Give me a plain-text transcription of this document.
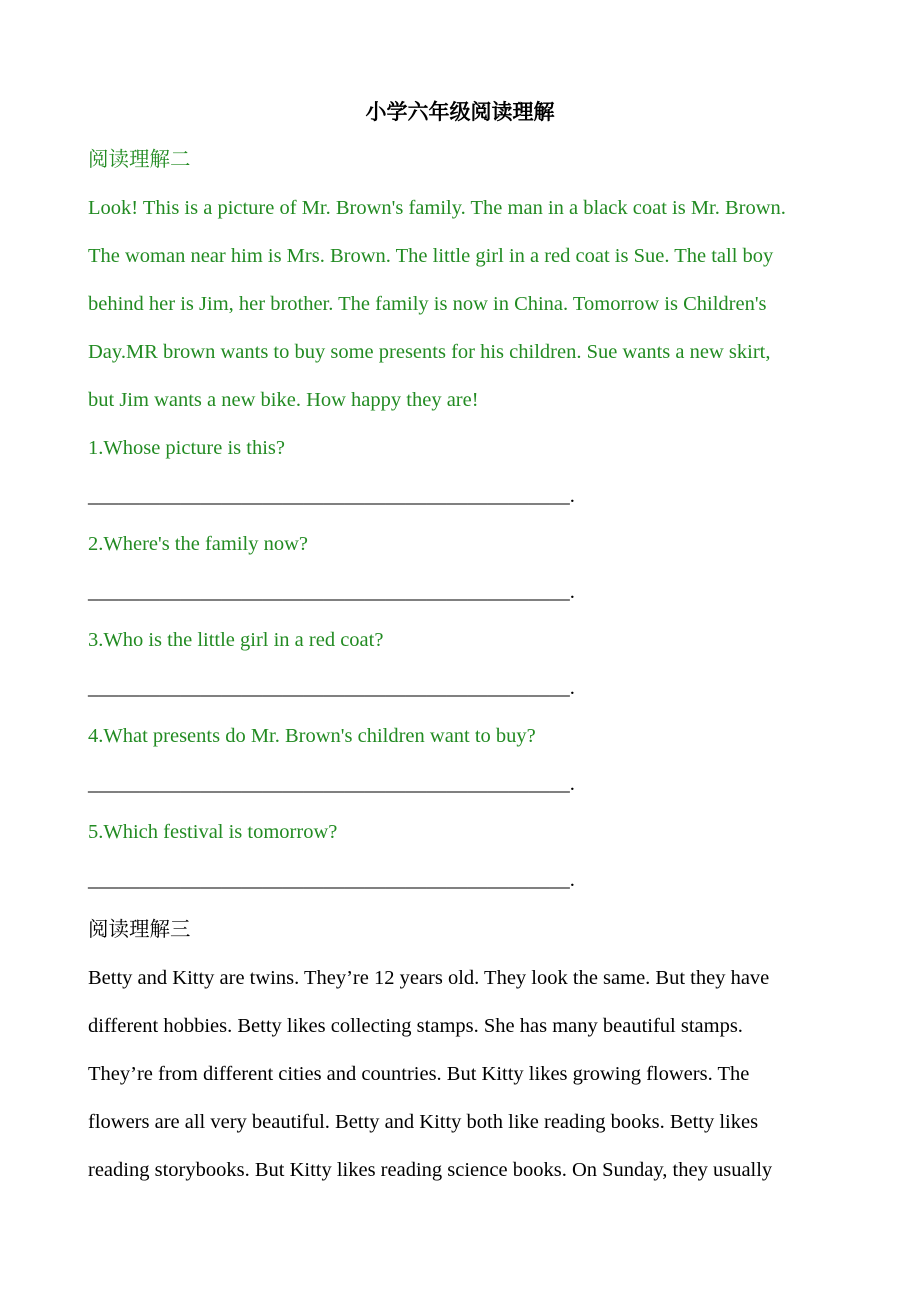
小学六年级阅读理解
阅读理解二
Look! This is a picture of Mr. Brown's family. The man in a black coat is Mr. Brown.
The woman near him is Mrs. Brown. The little girl in a red coat is Sue. The tall boy
behind her is Jim, her brother. The family is now in China. Tomorrow is Children's
Day.MR brown wants to buy some presents for his children. Sue wants a new skirt,
but Jim wants a new bike. How happy they are!
1.Whose picture is this?
_______________________________________________.
2.Where's the family now?
_______________________________________________.
3.Who is the little girl in a red coat?
_______________________________________________.
4.What presents do Mr. Brown's children want to buy?
_______________________________________________.
5.Which festival is tomorrow?
_______________________________________________.
阅读理解三
Betty and Kitty are twins. They’re 12 years old. They look the same. But they have
different hobbies. Betty likes collecting stamps. She has many beautiful stamps.
They’re from different cities and countries. But Kitty likes growing flowers. The
flowers are all very beautiful. Betty and Kitty both like reading books. Betty likes
reading storybooks. But Kitty likes reading science books. On Sunday, they usually
